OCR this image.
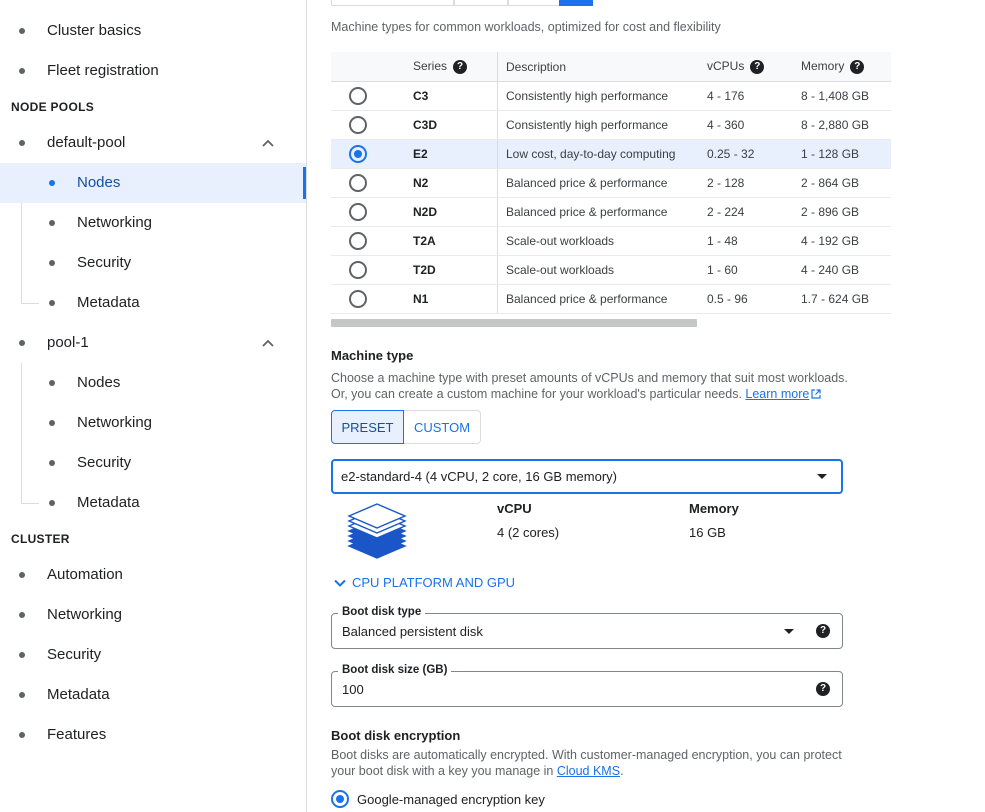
Cluster basics
Fleet registration
NODE POOLS
default-pool
Nodes
Networking
Security
Metadata
pool-1
Nodes
Networking
Security
Metadata
CLUSTER
Automation
Networking
Security
Metadata
Features
Machine types for common workloads, optimized for cost and flexibility
	Series ?	Description	vCPUs ?	Memory ?
	C3	Consistently high performance	4 - 176	8 - 1,408 GB
	C3D	Consistently high performance	4 - 360	8 - 2,880 GB
	E2	Low cost, day-to-day computing	0.25 - 32	1 - 128 GB
	N2	Balanced price & performance	2 - 128	2 - 864 GB
	N2D	Balanced price & performance	2 - 224	2 - 896 GB
	T2A	Scale-out workloads	1 - 48	4 - 192 GB
	T2D	Scale-out workloads	1 - 60	4 - 240 GB
	N1	Balanced price & performance	0.5 - 96	1.7 - 624 GB
Machine type
Choose a machine type with preset amounts of vCPUs and memory that suit most workloads.
Or, you can create a custom machine for your workload's particular needs. Learn more
PRESET	CUSTOM
e2-standard-4 (4 vCPU, 2 core, 16 GB memory)
vCPU
4 (2 cores)
Memory
16 GB
CPU PLATFORM AND GPU
Boot disk type
Balanced persistent disk	?
Boot disk size (GB)
100	?
Boot disk encryption
Boot disks are automatically encrypted. With customer-managed encryption, you can protect
your boot disk with a key you manage in Cloud KMS.
Google-managed encryption key
